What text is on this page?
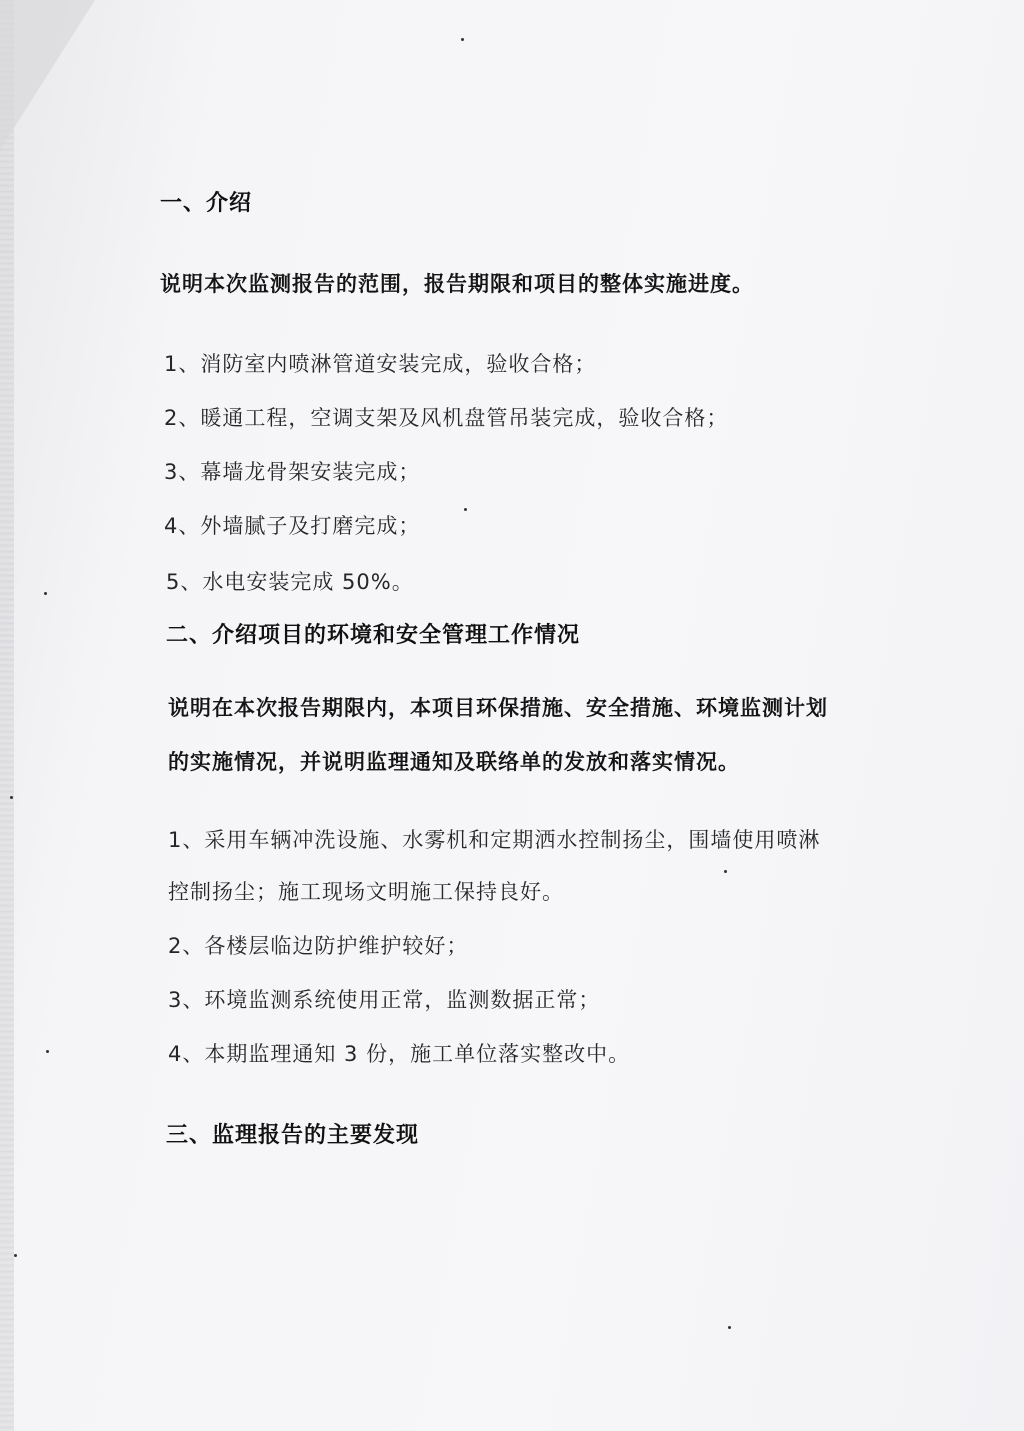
一、介绍
说明本次监测报告的范围，报告期限和项目的整体实施进度。
1、消防室内喷淋管道安装完成，验收合格；
2、暖通工程，空调支架及风机盘管吊装完成，验收合格；
3、幕墙龙骨架安装完成；
4、外墙腻子及打磨完成；
5、水电安装完成 50%。
二、介绍项目的环境和安全管理工作情况
说明在本次报告期限内，本项目环保措施、安全措施、环境监测计划
的实施情况，并说明监理通知及联络单的发放和落实情况。
1、采用车辆冲洗设施、水雾机和定期洒水控制扬尘，围墙使用喷淋
控制扬尘；施工现场文明施工保持良好。
2、各楼层临边防护维护较好；
3、环境监测系统使用正常，监测数据正常；
4、本期监理通知 3 份，施工单位落实整改中。
三、监理报告的主要发现
